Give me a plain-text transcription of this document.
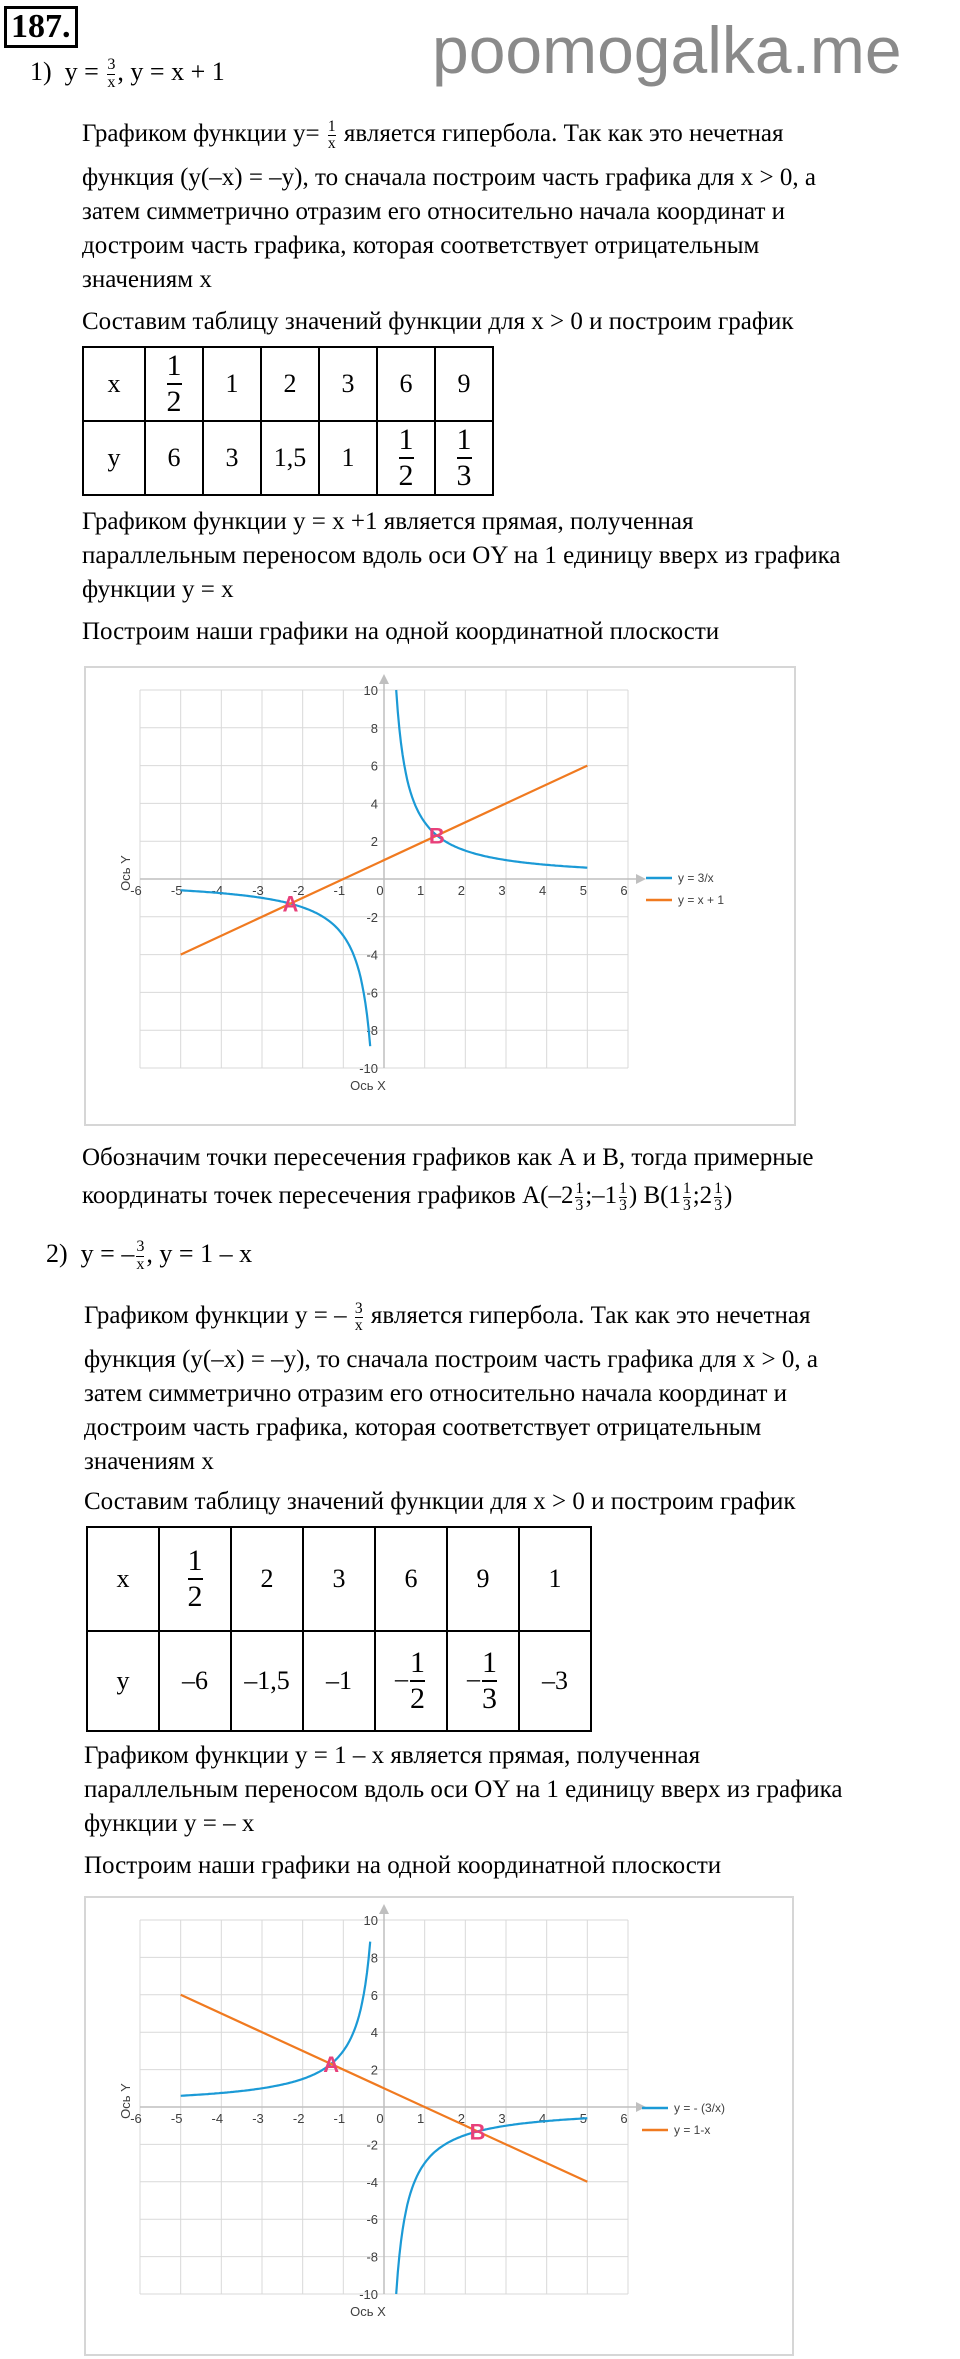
187.	poomogalka.me
1) $y = \frac{3}{x}$ , y = x + 1
Графиком функции $у= \frac{1}{x}$ является гипербола. Так как это нечетная
функция (у(–х) = –у), то сначала построим часть графика для х > 0, а
затем симметрично отразим его относительно начала координат и
достроим часть графика, которая соответствует отрицательным
значениям х
Составим таблицу значений функции для х > 0 и построим график
x	$\frac{1}{2}$	1	2	3	6	9
y	6	3	1,5	1	$\frac{1}{2}$	$\frac{1}{3}$
Графиком функции у = х +1 является прямая, полученная
параллельным переносом вдоль оси OY на 1 единицу вверх из графика
функции у = х
Построим наши графики на одной координатной плоскости
-6 -5 -4 -3 -2 -1 0	1	2	3	4	5	6
-10
-8
-6
-4
-2
2
4
6
8
10
Ось X
Ось Y	y = 3/x
y = x + 1
A
B
Обозначим точки пересечения графиков как А и В, тогда примерные
координаты точек пересечения графиков $А(-2 \frac{1}{3}$ ;–1 $\frac{1}{3}$ ) $В(1 \frac{1}{3}$ ;2 $\frac{1}{3}$ )
2) y = – $\frac{3}{x}$ , y = 1 – x
Графиком функции у = – $\frac{3}{x}$ является гипербола. Так как это нечетная
функция (у(–х) = –у), то сначала построим часть графика для х > 0, а
затем симметрично отразим его относительно начала координат и
достроим часть графика, которая соответствует отрицательным
значениям х
Составим таблицу значений функции для х > 0 и построим график
x	$\frac{1}{2}$	2	3	6	9	1
y	–6	–1,5	–1	– $\frac{1}{2}$	– $\frac{1}{3}$	–3
Графиком функции у = 1 – х является прямая, полученная
параллельным переносом вдоль оси OY на 1 единицу вверх из графика
функции у = – х
Построим наши графики на одной координатной плоскости
-6 -5 -4 -3 -2 -1 0	1	2	3	4	5	6
-10
-8
-6
-4
-2
2
4
6
8
10
Ось X
Ось Y	y = - (3/x)
y = 1-x
A
B
